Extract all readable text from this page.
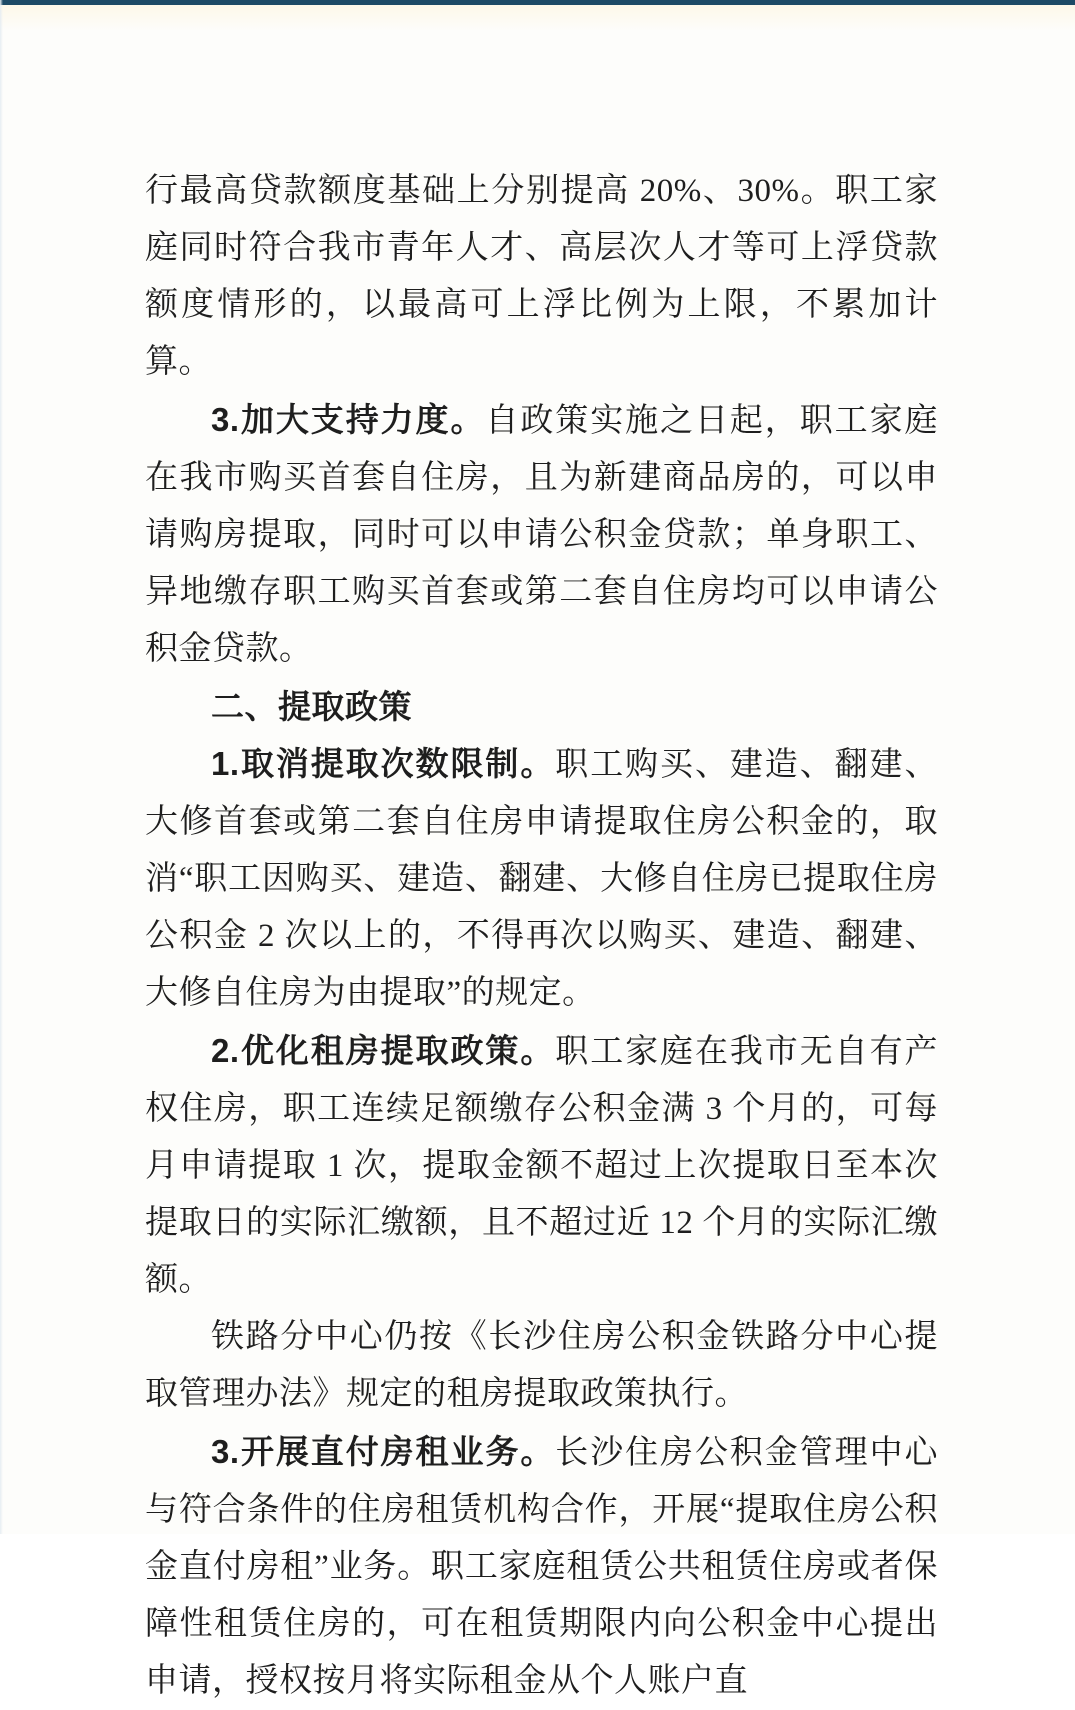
行最高贷款额度基础上分别提高 20%、30%。职工家庭同时符合我市青年人才、高层次人才等可上浮贷款额度情形的，以最高可上浮比例为上限，不累加计算。

3.加大支持力度。自政策实施之日起，职工家庭在我市购买首套自住房，且为新建商品房的，可以申请购房提取，同时可以申请公积金贷款；单身职工、异地缴存职工购买首套或第二套自住房均可以申请公积金贷款。

二、提取政策

1.取消提取次数限制。职工购买、建造、翻建、大修首套或第二套自住房申请提取住房公积金的，取消“职工因购买、建造、翻建、大修自住房已提取住房公积金 2 次以上的，不得再次以购买、建造、翻建、大修自住房为由提取”的规定。

2.优化租房提取政策。职工家庭在我市无自有产权住房，职工连续足额缴存公积金满 3 个月的，可每月申请提取 1 次，提取金额不超过上次提取日至本次提取日的实际汇缴额，且不超过近 12 个月的实际汇缴额。

铁路分中心仍按《长沙住房公积金铁路分中心提取管理办法》规定的租房提取政策执行。

3.开展直付房租业务。长沙住房公积金管理中心与符合条件的住房租赁机构合作，开展“提取住房公积金直付房租”业务。职工家庭租赁公共租赁住房或者保障性租赁住房的，可在租赁期限内向公积金中心提出申请，授权按月将实际租金从个人账户直
